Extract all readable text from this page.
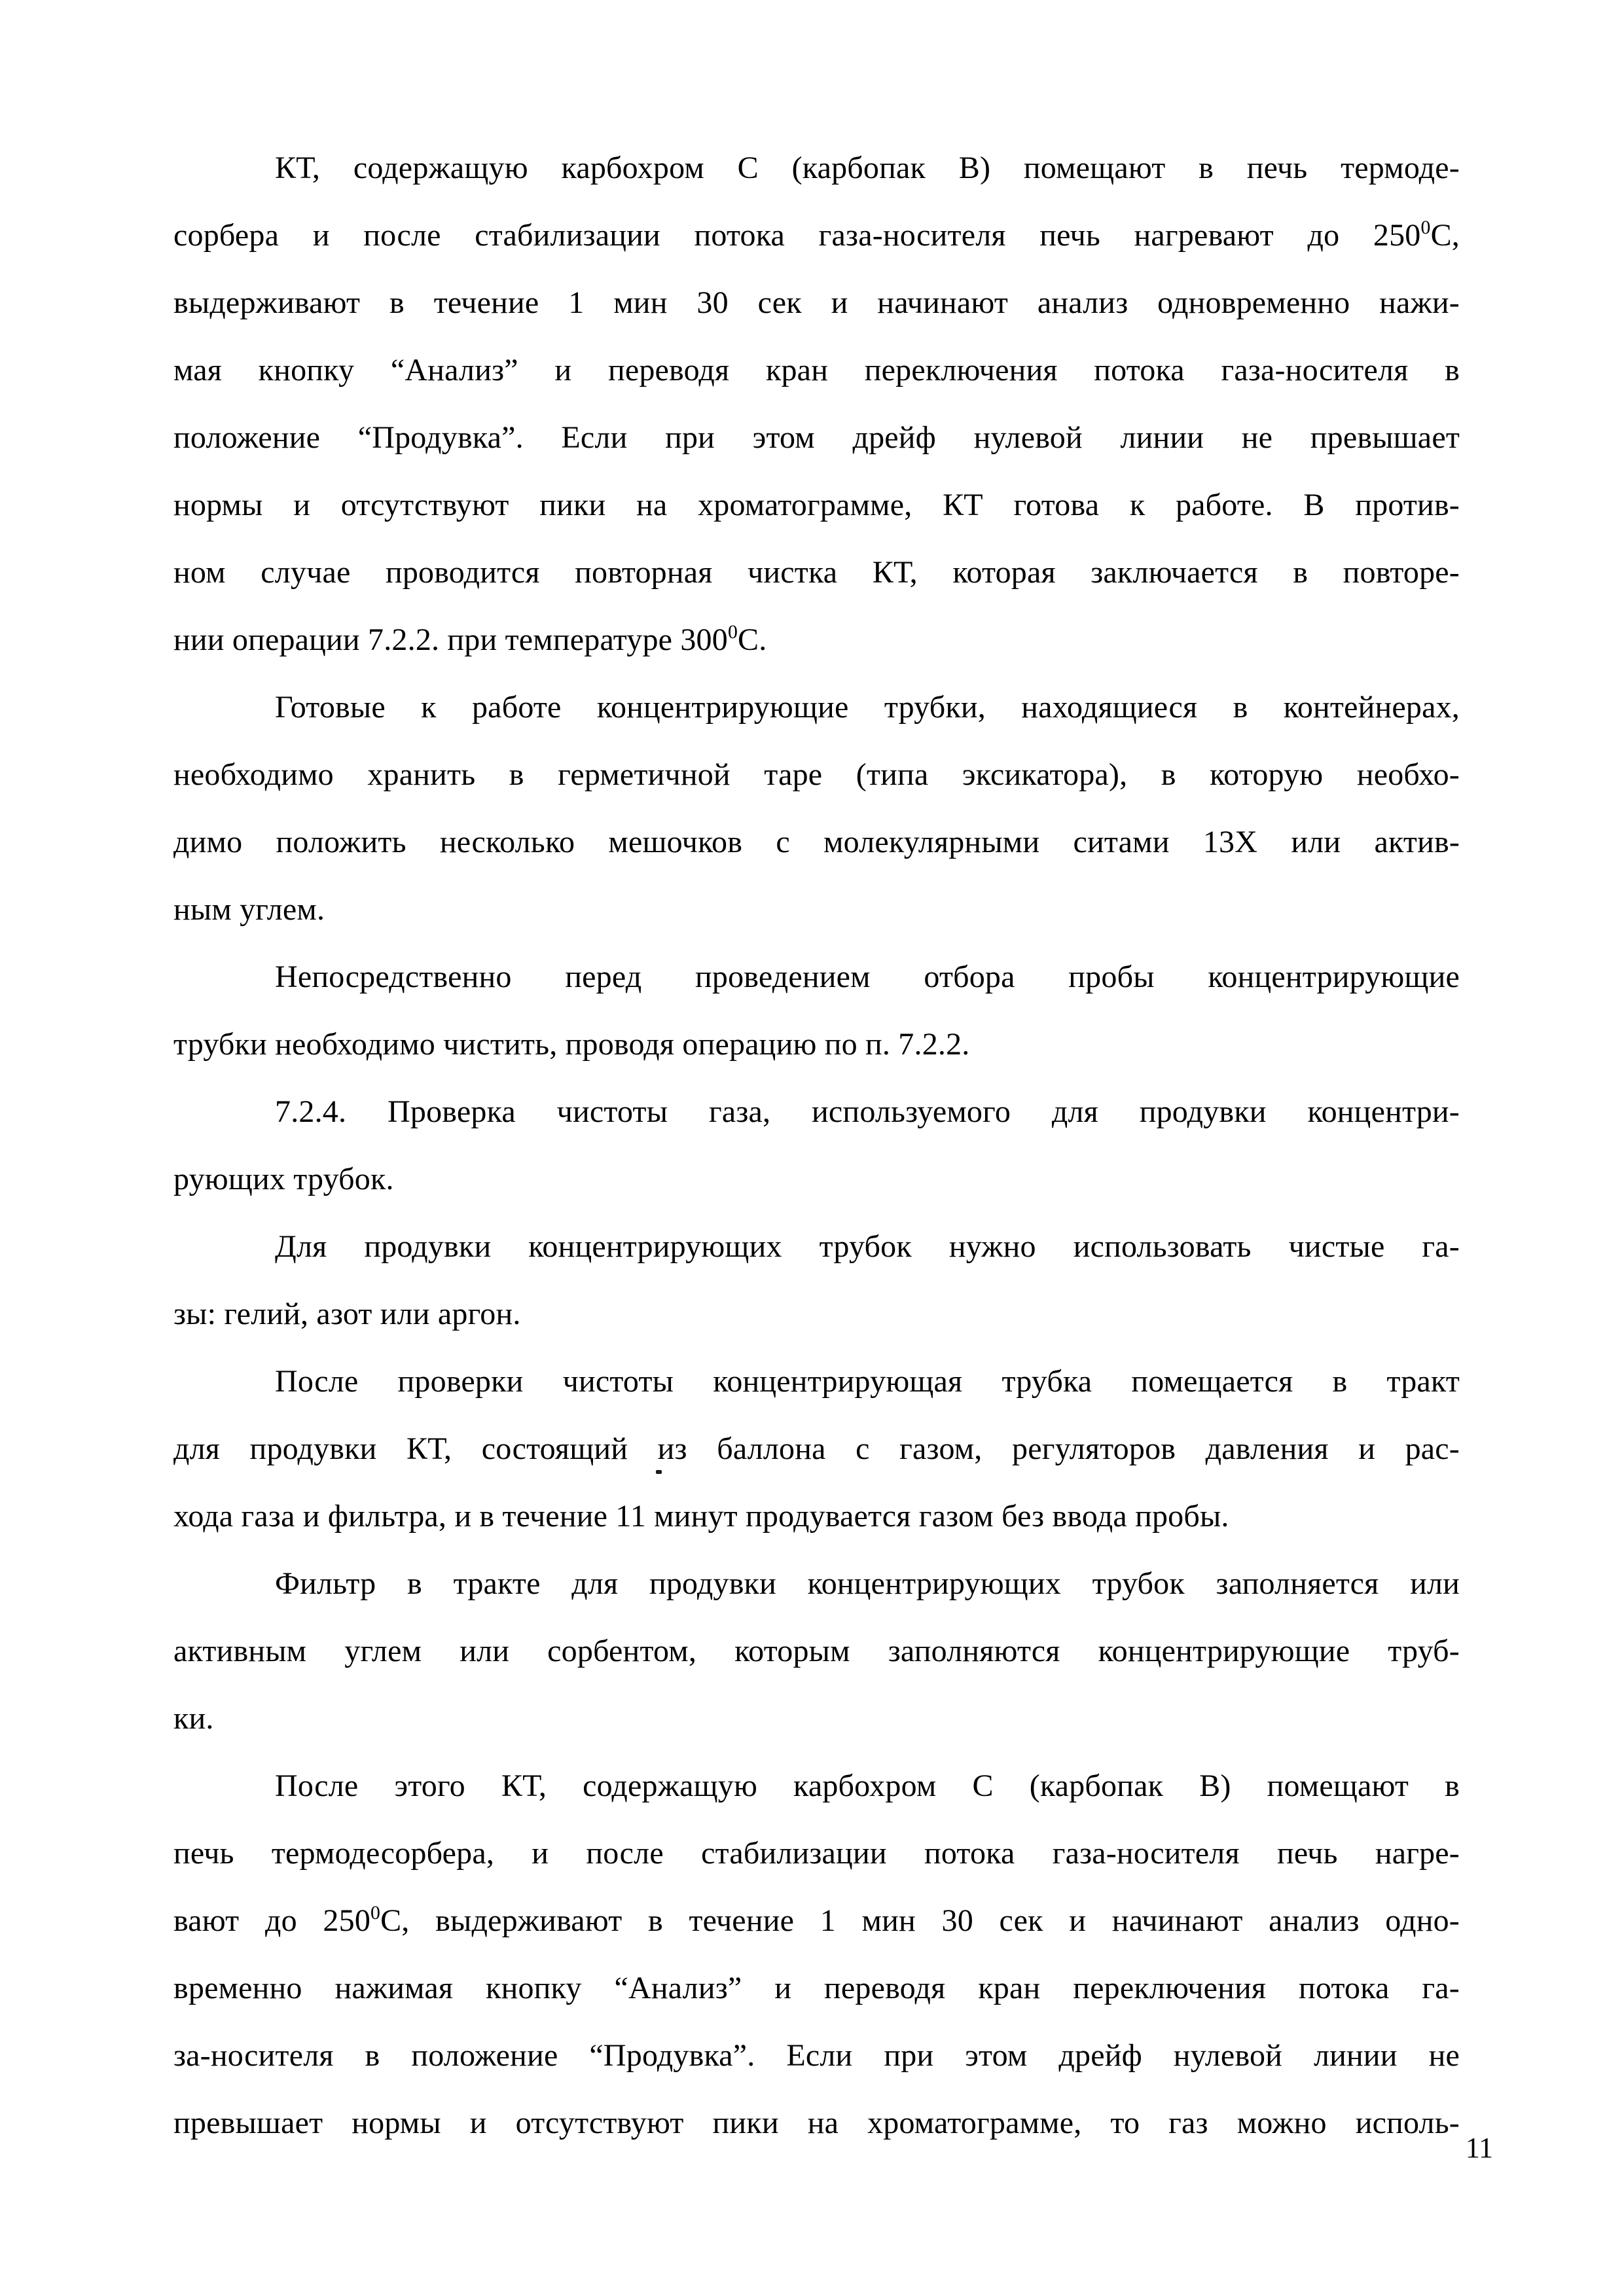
КТ, содержащую карбохром С (карбопак В) помещают в печь термоде-
сорбера и после стабилизации потока газа-носителя печь нагревают до $250^0С$,
выдерживают в течение 1 мин 30 сек и начинают анализ одновременно нажи-
мая кнопку “Анализ” и переводя кран переключения потока газа-носителя в
положение “Продувка”. Если при этом дрейф нулевой линии не превышает
нормы и отсутствуют пики на хроматограмме, КТ готова к работе. В против-
ном случае проводится повторная чистка КТ, которая заключается в повторе-
нии операции 7.2.2. при температуре $300^0С$.
Готовые к работе концентрирующие трубки, находящиеся в контейнерах,
необходимо хранить в герметичной таре (типа эксикатора), в которую необхо-
димо положить несколько мешочков с молекулярными ситами 13Х или актив-
ным углем.
Непосредственно перед проведением отбора пробы концентрирующие
трубки необходимо чистить, проводя операцию по п. 7.2.2.
7.2.4. Проверка чистоты газа, используемого для продувки концентри-
рующих трубок.
Для продувки концентрирующих трубок нужно использовать чистые га-
зы: гелий, азот или аргон.
После проверки чистоты концентрирующая трубка помещается в тракт
для продувки КТ, состоящий из баллона с газом, регуляторов давления и рас-
хода газа и фильтра, и в течение 11 минут продувается газом без ввода пробы.
Фильтр в тракте для продувки концентрирующих трубок заполняется или
активным углем или сорбентом, которым заполняются концентрирующие труб-
ки.
После этого КТ, содержащую карбохром С (карбопак В) помещают в
печь термодесорбера, и после стабилизации потока газа-носителя печь нагре-
вают до $250^0С$, выдерживают в течение 1 мин 30 сек и начинают анализ одно-
временно нажимая кнопку “Анализ” и переводя кран переключения потока га-
за-носителя в положение “Продувка”. Если при этом дрейф нулевой линии не
превышает нормы и отсутствуют пики на хроматограмме, то газ можно исполь-
11
